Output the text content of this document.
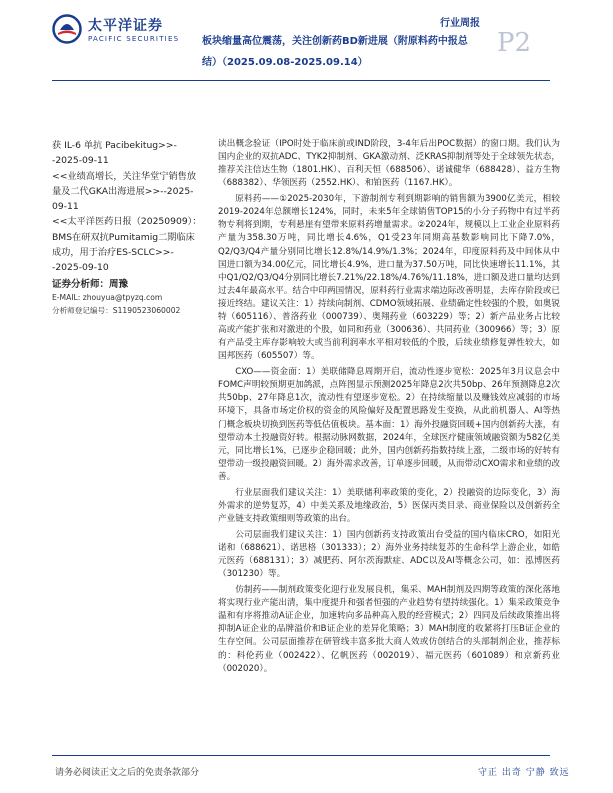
太平洋证券
PACIFIC SECURITIES
行业周报
板块缩量高位震荡，关注创新药BD新进展（附原料药中报总结）（2025.09.08-2025.09.14）
P2

获 IL-6 单抗 Pacibekitug>>--2025-09-11

<<业绩高增长，关注华堂宁销售放量及二代GKA出海进展>>--2025-09-11

<<太平洋医药日报（20250909）：BMS在研双抗Pumitamig二期临床成功，用于治疗ES-SCLC>>--2025-09-10

证券分析师：周豫
E-MAIL: zhouyua@tpyzq.com
分析师登记编号：S1190523060002

读出概念验证（IPO时处于临床前或IND阶段，3-4年后出POC数据）的窗口期。我们认为国内企业的双抗ADC、TYK2抑制剂、GKA激动剂、泛KRAS抑制剂等处于全球领先状态，推荐关注信达生物（1801.HK）、百利天恒（688506）、诺诚健华（688428）、益方生物（688382）、华领医药（2552.HK）、和铂医药（1167.HK）。

原料药——①2025-2030年，下游制剂专利到期影响的销售额为3900亿美元，相较2019-2024年总额增长124%，同时，未来5年全球销售TOP15的小分子药物中有过半药物专利将到期，专利悬崖有望带来原料药增量需求。②2024年，规模以上工业企业原料药产量为358.30万吨，同比增长4.6%，Q1受23年同期高基数影响同比下降7.0%，Q2/Q3/Q4产量分别同比增长12.8%/14.9%/1.3%；2024年，印度原料药及中间体从中国进口额为34.00亿元，同比增长4.9%，进口量为37.50万吨，同比快速增长11.1%，其中Q1/Q2/Q3/Q4分别同比增长7.21%/22.18%/4.76%/11.18%，进口额及进口量均达到过去4年最高水平。结合中印两国情况，原料药行业需求端边际改善明显，去库存阶段或已接近终结。建议关注：1）持续向制剂、CDMO领域拓展、业绩确定性较强的个股，如奥锐特（605116）、普洛药业（000739）、奥翔药业（603229）等；2）新产品业务占比较高或产能扩张和对激进的个股，如同和药业（300636）、共同药业（300966）等；3）原有产品受主库存影响较大或当前利润率水平相对较低的个股，后续业绩修复弹性较大，如国邦医药（605507）等。

CXO——资金面：1）美联储降息周期开启，流动性逐步宽松：2025年3月议息会中FOMC声明较预期更加鸽派，点阵图显示预测2025年降息2次共50bp、26年预测降息2次共50bp、27年降息1次，流动性有望逐步宽松。2）在持续缩量以及赚钱效应减弱的市场环境下，具备市场定价权的资金的风险偏好及配置思路发生变换，从此前机器人、AI等热门概念板块切换到医药等低估值板块。基本面：1）海外投融资回暖+国内创新药大涨，有望带动本土投融资好转。根据动脉网数据，2024年，全球医疗健康领域融资额为582亿美元，同比增长1%，已逐步企稳回暖；此外，国内创新药指数持续上涨，二级市场的好转有望带动一级投融资回暖。2）海外需求改善，订单逐步回暖，从而带动CXO需求和业绩的改善。

行业层面我们建议关注：1）美联储利率政策的变化，2）投融资的边际变化，3）海外需求的逆势复苏，4）中美关系及地缘政治，5）医保丙类目录、商业保险以及创新药全产业链支持政策细则等政策的出台。

公司层面我们建议关注：1）国内创新药支持政策出台受益的国内临床CRO，如阳光诺和（688621）、诺思格（301333）；2）海外业务持续复苏的生命科学上游企业，如皓元医药（688131）；3）减肥药、阿尔茨海默症、ADC以及AI等概念公司，如：泓博医药（301230）等。

仿制药——制剂政策变化迎行业发展良机，集采、MAH制剂及四期等政策的深化落地将实现行业产能出清，集中度提升和强者恒强的产业趋势有望持续强化。1）集采政策竞争温和有序将推动A证企业，加速转向多品种高入股的经营模式；2）四同及后续政策推出将抑制A证企业的品牌溢价和B证企业的差异化策略；3）MAH制度的收紧将打压B证企业的生存空间。公司层面推荐在研管线丰富多批大商人效或仿创结合的头部制剂企业，推荐标的：科伦药业（002422）、亿帆医药（002019）、福元医药（601089）和京新药业（002020）。

请务必阅读正文之后的免责条款部分	守正 出奇 宁静 致远
